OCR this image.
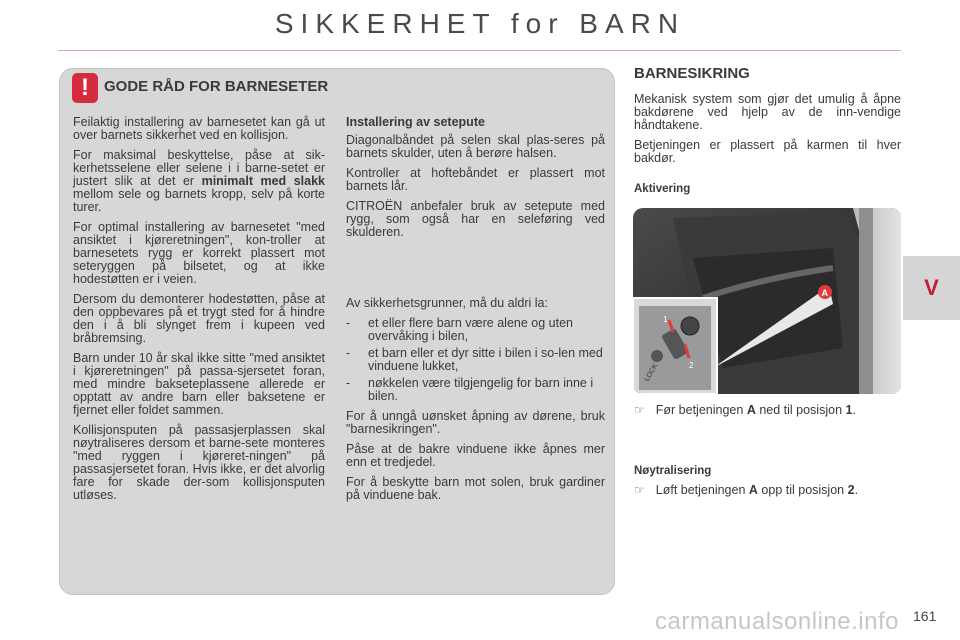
SIKKERHET for BARN
V
!	GODE RÅD FOR BARNESETER

Feilaktig installering av barnesetet kan gå ut over barnets sikkerhet ved en kollisjon.

For maksimal beskyttelse, påse at sik-kerhetsselene eller selene i i barne-setet er justert slik at det er minimalt med slakk mellom sele og barnets kropp, selv på korte turer.

For optimal installering av barnesetet "med ansiktet i kjøreretningen", kon-troller at barnesetets rygg er korrekt plassert mot seteryggen på bilsetet, og at ikke hodestøtten er i veien.

Dersom du demonterer hodestøtten, påse at den oppbevares på et trygt sted for å hindre den i å bli slynget frem i kupeen ved bråbremsing.

Barn under 10 år skal ikke sitte "med ansiktet i kjøreretningen" på passa-sjersetet foran, med mindre bakseteplassene allerede er opptatt av andre barn eller baksetene er fjernet eller foldet sammen.

Kollisjonsputen på passasjerplassen skal nøytraliseres dersom et barne-sete monteres "med ryggen i kjøreret-ningen" på passasjersetet foran. Hvis ikke, er det alvorlig fare for skade der-som kollisjonsputen utløses.

Installering av setepute

Diagonalbåndet på selen skal plas-seres på barnets skulder, uten å berøre halsen.

Kontroller at hoftebåndet er plassert mot barnets lår.

CITROËN anbefaler bruk av setepute med rygg, som også har en seleføring ved skulderen.

Av sikkerhetsgrunner, må du aldri la:

- et eller flere barn være alene og uten overvåking i bilen,
- et barn eller et dyr sitte i bilen i so-len med vinduene lukket,
- nøkkelen være tilgjengelig for barn inne i bilen.

For å unngå uønsket åpning av dørene, bruk "barnesikringen".

Påse at de bakre vinduene ikke åpnes mer enn et tredjedel.

For å beskytte barn mot solen, bruk gardiner på vinduene bak.

BARNESIKRING

Mekanisk system som gjør det umulig å åpne bakdørene ved hjelp av de inn-vendige håndtakene.

Betjeningen er plassert på karmen til hver bakdør.

Aktivering

LOCK
1
2
A
☞ Før betjeningen A ned til posisjon 1.

Nøytralisering

☞ Løft betjeningen A opp til posisjon 2.
carmanualsonline.info 161
